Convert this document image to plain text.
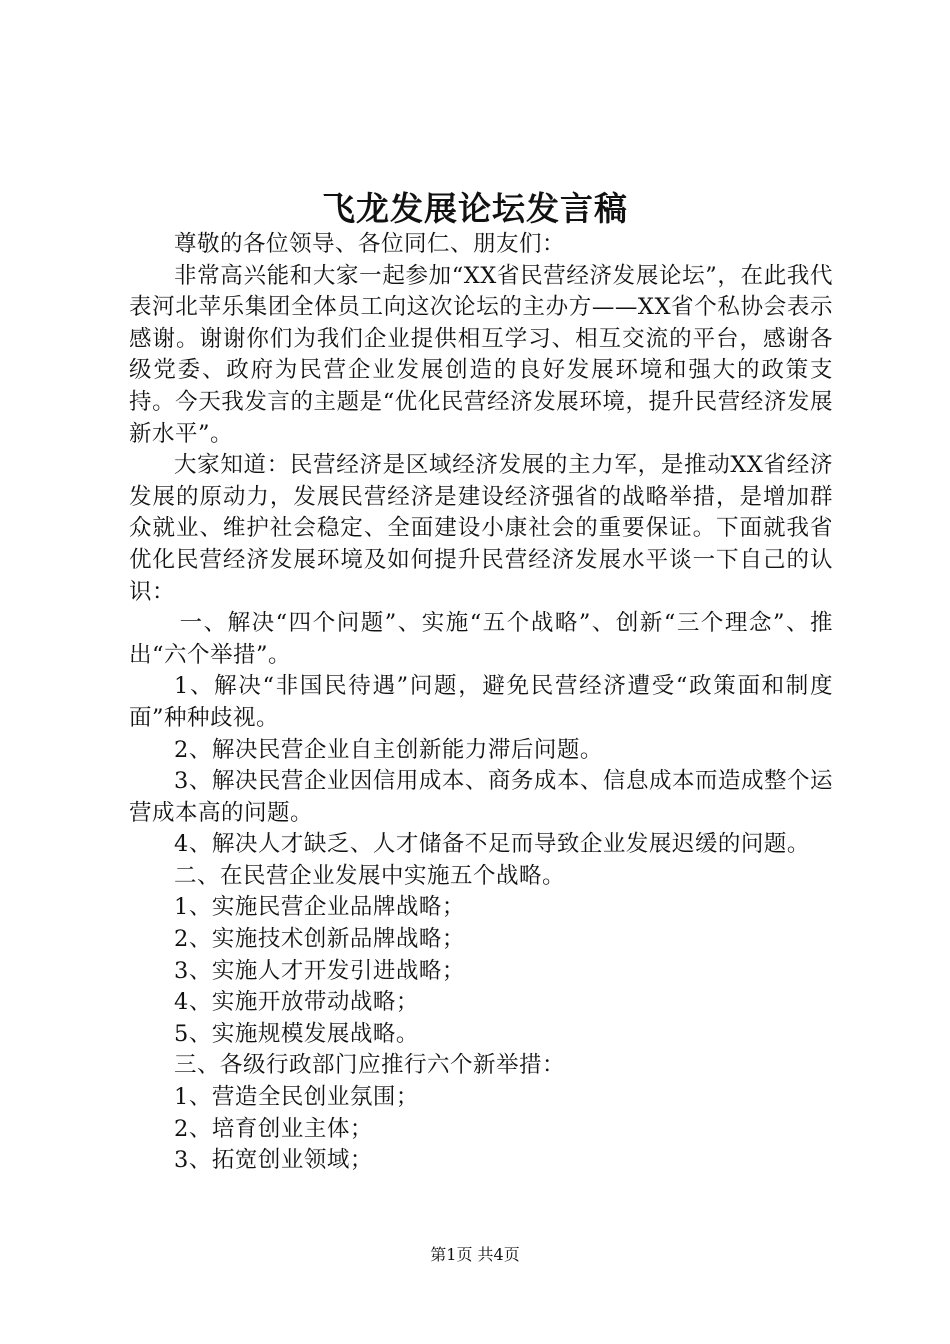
飞龙发展论坛发言稿

尊敬的各位领导、各位同仁、朋友们：

非常高兴能和大家一起参加“XX省民营经济发展论坛”，在此我代表河北苹乐集团全体员工向这次论坛的主办方——XX省个私协会表示感谢。谢谢你们为我们企业提供相互学习、相互交流的平台，感谢各级党委、政府为民营企业发展创造的良好发展环境和强大的政策支持。今天我发言的主题是“优化民营经济发展环境，提升民营经济发展新水平”。

大家知道：民营经济是区域经济发展的主力军，是推动XX省经济发展的原动力，发展民营经济是建设经济强省的战略举措，是增加群众就业、维护社会稳定、全面建设小康社会的重要保证。下面就我省优化民营经济发展环境及如何提升民营经济发展水平谈一下自己的认识：

一、解决“四个问题”、实施“五个战略”、创新“三个理念”、推出“六个举措”。

1、解决“非国民待遇”问题，避免民营经济遭受“政策面和制度面”种种歧视。

2、解决民营企业自主创新能力滞后问题。

3、解决民营企业因信用成本、商务成本、信息成本而造成整个运营成本高的问题。

4、解决人才缺乏、人才储备不足而导致企业发展迟缓的问题。

二、在民营企业发展中实施五个战略。

1、实施民营企业品牌战略；

2、实施技术创新品牌战略；

3、实施人才开发引进战略；

4、实施开放带动战略；

5、实施规模发展战略。

三、各级行政部门应推行六个新举措：

1、营造全民创业氛围；

2、培育创业主体；

3、拓宽创业领域；

第1页 共4页
